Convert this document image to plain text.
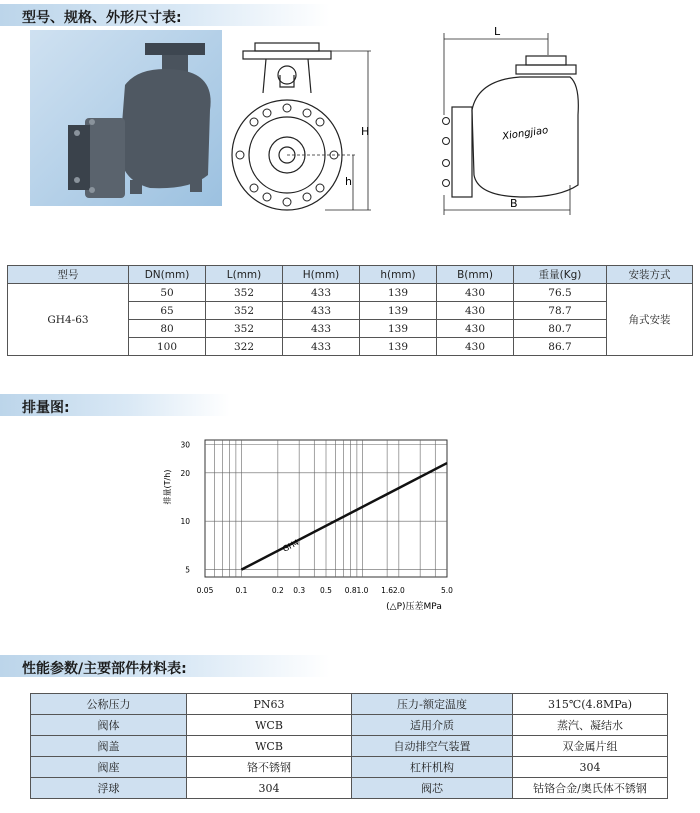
型号、规格、外形尺寸表:
H
h
Xiongjiao
L
B
型号	DN(mm)	L(mm)	H(mm)	h(mm)	B(mm)	重量(Kg)	安装方式
GH4-63	50	352	433	139	430	76.5	角式安装
	65	352	433	139	430	78.7	
	80	352	433	139	430	80.7	
	100	322	433	139	430	86.7	
排量图:
0.05	0.1	0.2 0.3 0.5 0.8 1.0 1.6 2.0	5.0
5
10
20
30
GH4
排量(T/h)
(△P)压差MPa
性能参数/主要部件材料表:
公称压力	PN63	压力-额定温度	315℃(4.8MPa)
阀体	WCB	适用介质	蒸汽、凝结水
阀盖	WCB	自动排空气装置	双金属片组
阀座	铬不锈钢	杠杆机构	304
浮球	304	阀芯	钴铬合金/奥氏体不锈钢
